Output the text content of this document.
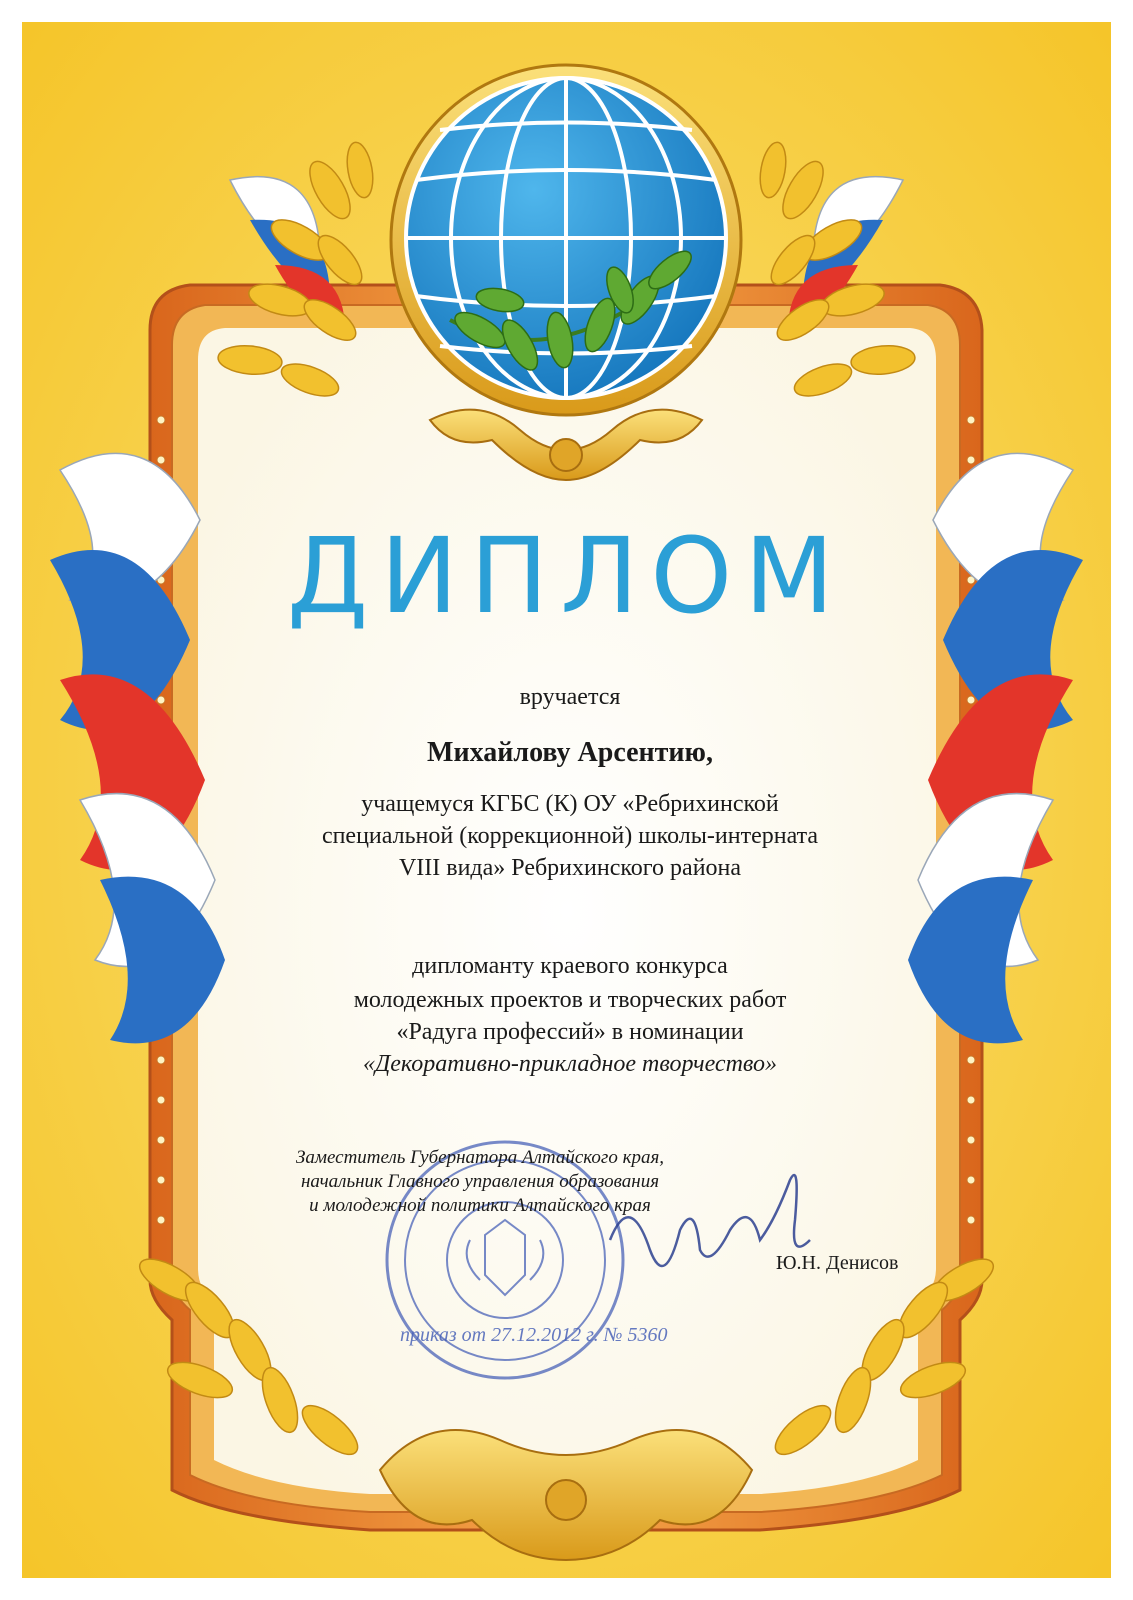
ДИПЛОМ
вручается
Михайлову Арсентию,
учащемуся КГБС (К) ОУ «Ребрихинской
специальной (коррекционной) школы-интерната
VIII вида» Ребрихинского района
дипломанту краевого конкурса
молодежных проектов и творческих работ
«Радуга профессий» в номинации
«Декоративно-прикладное творчество»
Заместитель Губернатора Алтайского края,
начальник Главного управления образования
и молодежной политики Алтайского края
Ю.Н. Денисов
приказ от 27.12.2012 г. № 5360
